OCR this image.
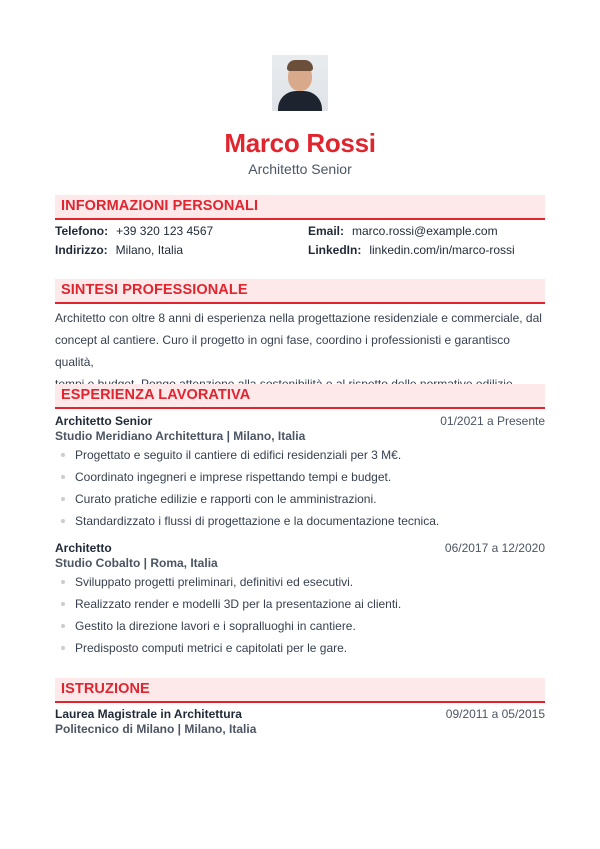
Marco Rossi
Architetto Senior
INFORMAZIONI PERSONALI
Telefono: +39 320 123 4567
Indirizzo: Milano, Italia
Email: marco.rossi@example.com
LinkedIn: linkedin.com/in/marco-rossi
SINTESI PROFESSIONALE
Architetto con oltre 8 anni di esperienza nella progettazione residenziale e commerciale, dal
concept al cantiere. Curo il progetto in ogni fase, coordino i professionisti e garantisco qualità,
ESPERIENZA LAVORATIVA
Architetto Senior	01/2021 a Presente
Studio Meridiano Architettura | Milano, Italia
Progettato e seguito il cantiere di edifici residenziali per 3 M€.
Coordinato ingegneri e imprese rispettando tempi e budget.
Curato pratiche edilizie e rapporti con le amministrazioni.
Standardizzato i flussi di progettazione e la documentazione tecnica.
Architetto	06/2017 a 12/2020
Studio Cobalto | Roma, Italia
Sviluppato progetti preliminari, definitivi ed esecutivi.
Realizzato render e modelli 3D per la presentazione ai clienti.
Gestito la direzione lavori e i sopralluoghi in cantiere.
Predisposto computi metrici e capitolati per le gare.
ISTRUZIONE
Laurea Magistrale in Architettura	09/2011 a 05/2015
Politecnico di Milano | Milano, Italia
